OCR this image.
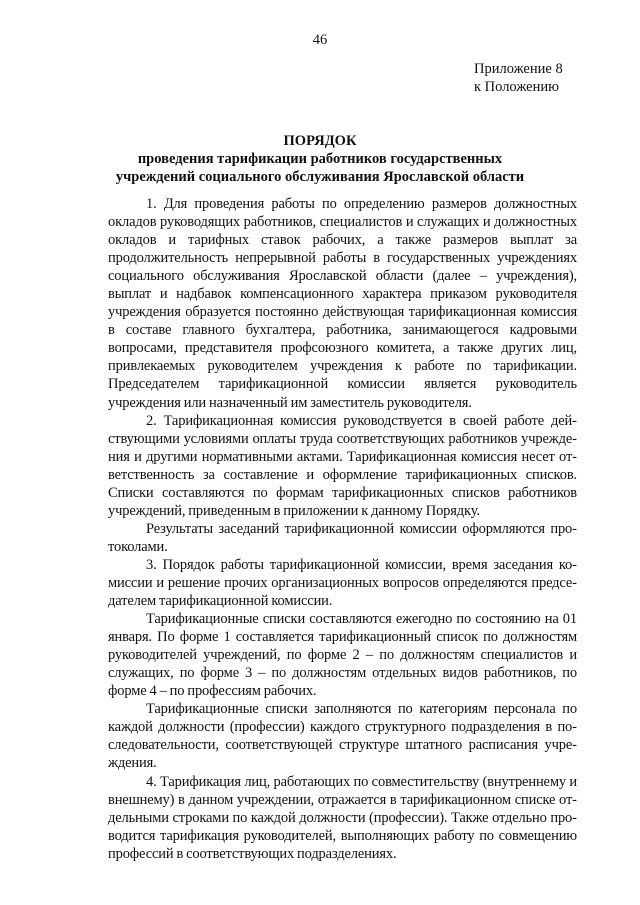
46
Приложение 8
к Положению
ПОРЯДОК
проведения тарификации работников государственных
учреждений социального обслуживания Ярославской области

1. Для проведения работы по определению размеров должностных окладов руководящих работников, специалистов и служащих и должностных окладов и тарифных ставок рабочих, а также размеров выплат за продолжительность непрерывной работы в государственных учреждениях социального обслуживания Ярославской области (далее – учреждения), выплат и надбавок компенсационного характера приказом руководителя учреждения образуется постоянно действующая тарификационная комиссия в составе главного бухгалтера, работника, занимающегося кадровыми вопросами, представителя профсоюзного комитета, а также других лиц, привлекаемых руководителем учреждения к работе по тарификации. Председателем тарификационной комиссии является руководитель учреждения или назначенный им заместитель руководителя.

2. Тарификационная комиссия руководствуется в своей работе действующими условиями оплаты труда соответствующих работников учреждения и другими нормативными актами. Тарификационная комиссия несет ответственность за составление и оформление тарификационных списков. Списки составляются по формам тарификационных списков работников учреждений, приведенным в приложении к данному Порядку.

Результаты заседаний тарификационной комиссии оформляются протоколами.

3. Порядок работы тарификационной комиссии, время заседания комиссии и решение прочих организационных вопросов определяются председателем тарификационной комиссии.

Тарификационные списки составляются ежегодно по состоянию на 01 января. По форме 1 составляется тарификационный список по должностям руководителей учреждений, по форме 2 – по должностям специалистов и служащих, по форме 3 – по должностям отдельных видов работников, по форме 4 – по профессиям рабочих.

Тарификационные списки заполняются по категориям персонала по каждой должности (профессии) каждого структурного подразделения в последовательности, соответствующей структуре штатного расписания учреждения.

4. Тарификация лиц, работающих по совместительству (внутреннему и внешнему) в данном учреждении, отражается в тарификационном списке отдельными строками по каждой должности (профессии). Также отдельно проводится тарификация руководителей, выполняющих работу по совмещению профессий в соответствующих подразделениях.
